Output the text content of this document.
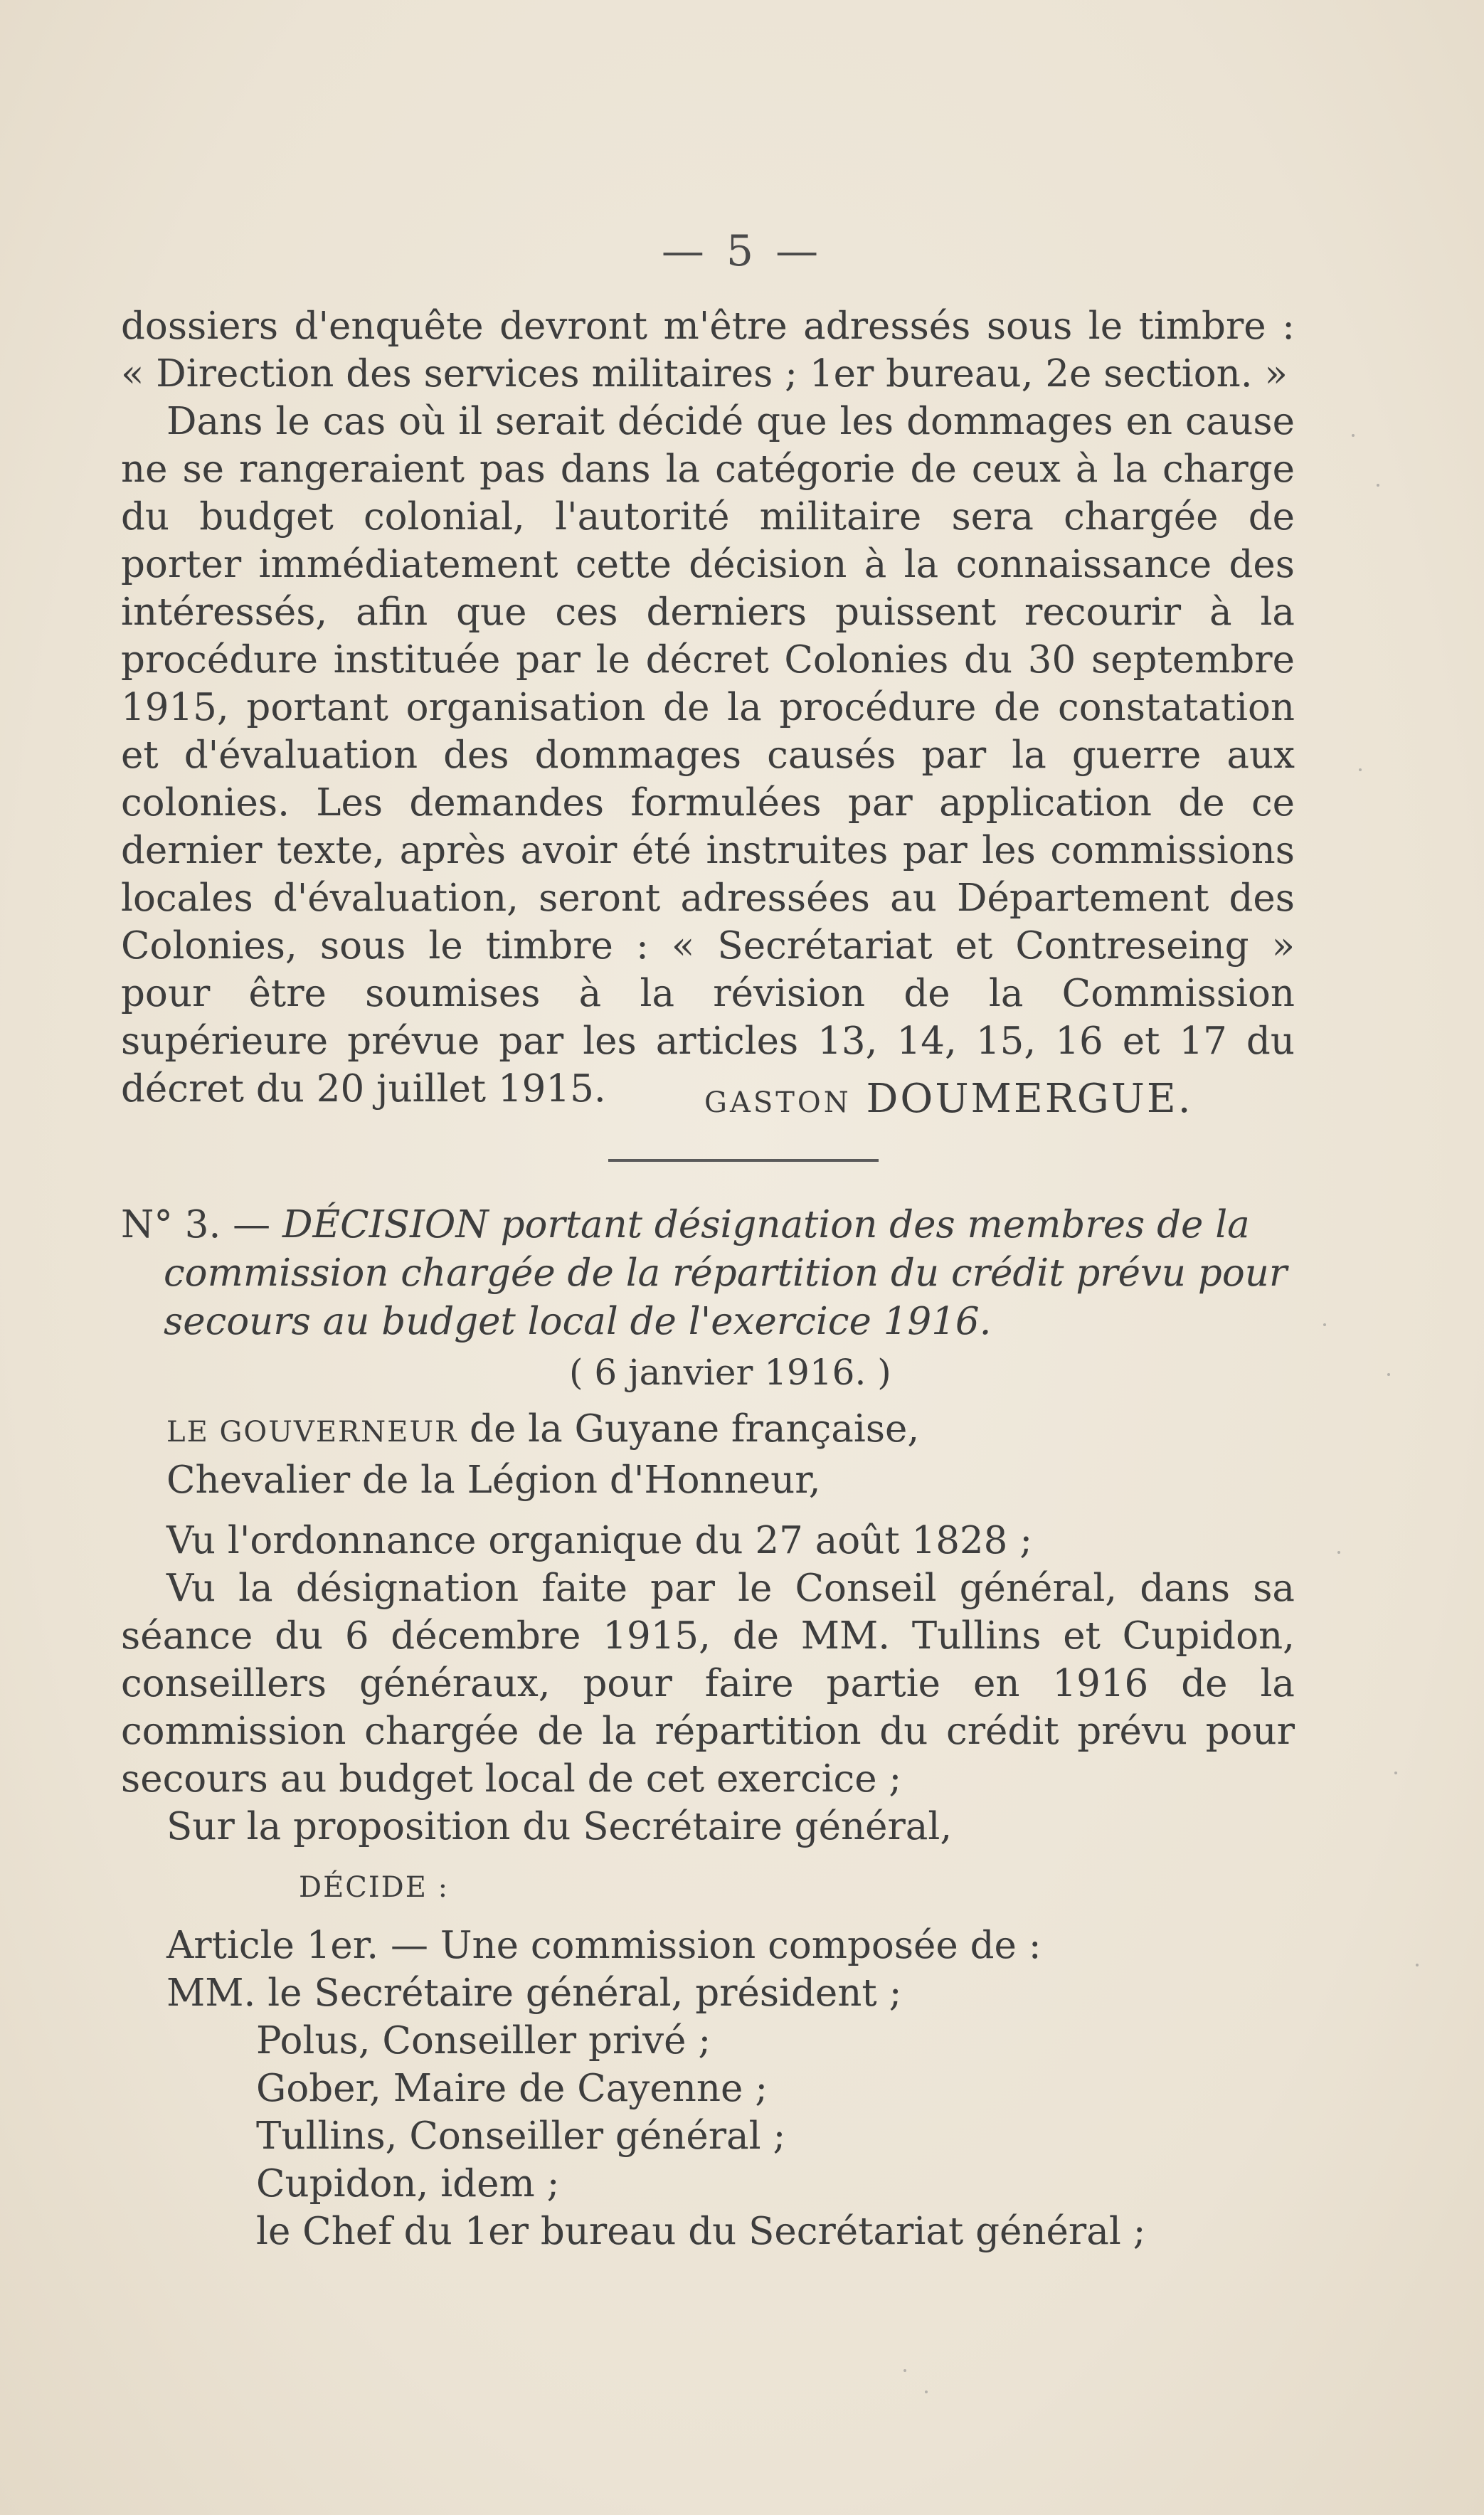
— 5 —

dossiers d'enquête devront m'être adressés sous le timbre : « Direction des services militaires ; 1er bureau, 2e section. »

Dans le cas où il serait décidé que les dommages en cause ne se rangeraient pas dans la catégorie de ceux à la charge du budget colonial, l'autorité militaire sera chargée de porter immédiatement cette décision à la connaissance des intéressés, afin que ces derniers puissent recourir à la procédure instituée par le décret Colonies du 30 septembre 1915, portant organisation de la procédure de constatation et d'évaluation des dommages causés par la guerre aux colonies. Les demandes formulées par application de ce dernier texte, après avoir été instruites par les commissions locales d'évaluation, seront adressées au Département des Colonies, sous le timbre : « Secrétariat et Contreseing » pour être soumises à la révision de la Commission supérieure prévue par les articles 13, 14, 15, 16 et 17 du décret du 20 juillet 1915.	GASTON DOUMERGUE.
N° 3. — DÉCISION portant désignation des membres de la
commission chargée de la répartition du crédit prévu pour
secours au budget local de l'exercice 1916.
( 6 janvier 1916. )

LE GOUVERNEUR de la Guyane française,

Chevalier de la Légion d'Honneur,

Vu l'ordonnance organique du 27 août 1828 ;

Vu la désignation faite par le Conseil général, dans sa séance du 6 décembre 1915, de MM. Tullins et Cupidon, conseillers généraux, pour faire partie en 1916 de la commission chargée de la répartition du crédit prévu pour secours au budget local de cet exercice ;

Sur la proposition du Secrétaire général,

DÉCIDE :

Article 1er. — Une commission composée de :

MM. le Secrétaire général, président ;

Polus, Conseiller privé ;

Gober, Maire de Cayenne ;

Tullins, Conseiller général ;

Cupidon, idem ;

le Chef du 1er bureau du Secrétariat général ;
